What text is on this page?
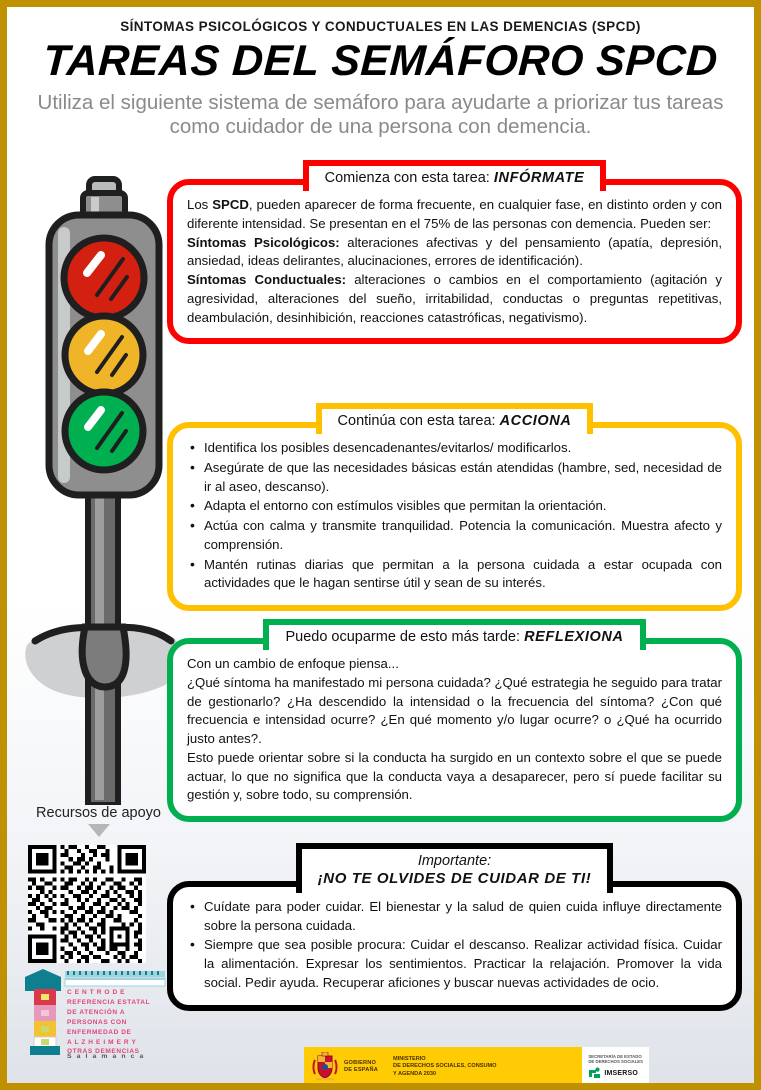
SÍNTOMAS PSICOLÓGICOS Y CONDUCTUALES EN LAS DEMENCIAS (SPCD)
TAREAS DEL SEMÁFORO SPCD
Utiliza el siguiente sistema de semáforo para ayudarte a priorizar tus tareas como cuidador de una persona con demencia.
Recursos de apoyo
C E N T R O D E
REFERENCIA ESTATAL
DE ATENCIÓN A
PERSONAS CON
ENFERMEDAD DE
A L Z H E I M E R Y
OTRAS DEMENCIAS
S a l a m a n c a
Comienza con esta tarea: INFÓRMATE

Los SPCD, pueden aparecer de forma frecuente, en cualquier fase, en distinto orden y con diferente intensidad. Se presentan en el 75% de las personas con demencia. Pueden ser:

Síntomas Psicológicos: alteraciones afectivas y del pensamiento (apatía, depresión, ansiedad, ideas delirantes, alucinaciones, errores de identificación).

Síntomas Conductuales: alteraciones o cambios en el comportamiento (agitación y agresividad, alteraciones del sueño, irritabilidad, conductas o preguntas repetitivas, deambulación, desinhibición, reacciones catastróficas, negativismo).

Continúa con esta tarea: ACCIONA
• Identifica los posibles desencadenantes/evitarlos/ modificarlos.
• Asegúrate de que las necesidades básicas están atendidas (hambre, sed, necesidad de ir al aseo, descanso).
• Adapta el entorno con estímulos visibles que permitan la orientación.
• Actúa con calma y transmite tranquilidad. Potencia la comunicación. Muestra afecto y comprensión.
• Mantén rutinas diarias que permitan a la persona cuidada a estar ocupada con actividades que le hagan sentirse útil y sean de su interés.
Puedo ocuparme de esto más tarde: REFLEXIONA

Con un cambio de enfoque piensa...

¿Qué síntoma ha manifestado mi persona cuidada? ¿Qué estrategia he seguido para tratar de gestionarlo? ¿Ha descendido la intensidad o la frecuencia del síntoma? ¿Con qué frecuencia e intensidad ocurre? ¿En qué momento y/o lugar ocurre? o ¿Qué ha ocurrido justo antes?.

Esto puede orientar sobre si la conducta ha surgido en un contexto sobre el que se puede actuar, lo que no significa que la conducta vaya a desaparecer, pero sí puede facilitar su gestión y, sobre todo, su comprensión.

Importante:
¡NO TE OLVIDES DE CUIDAR DE TI!
• Cuídate para poder cuidar. El bienestar y la salud de quien cuida influye directamente sobre la persona cuidada.
• Siempre que sea posible procura: Cuidar el descanso. Realizar actividad física. Cuidar la alimentación. Expresar los sentimientos. Practicar la relajación. Promover la vida social. Pedir ayuda. Recuperar aficiones y buscar nuevas actividades de ocio.
GOBIERNO
DE ESPAÑA
MINISTERIO
DE DERECHOS SOCIALES, CONSUMO
Y AGENDA 2030
SECRETARÍA DE ESTADO
DE DERECHOS SOCIALES
IMSERSO
